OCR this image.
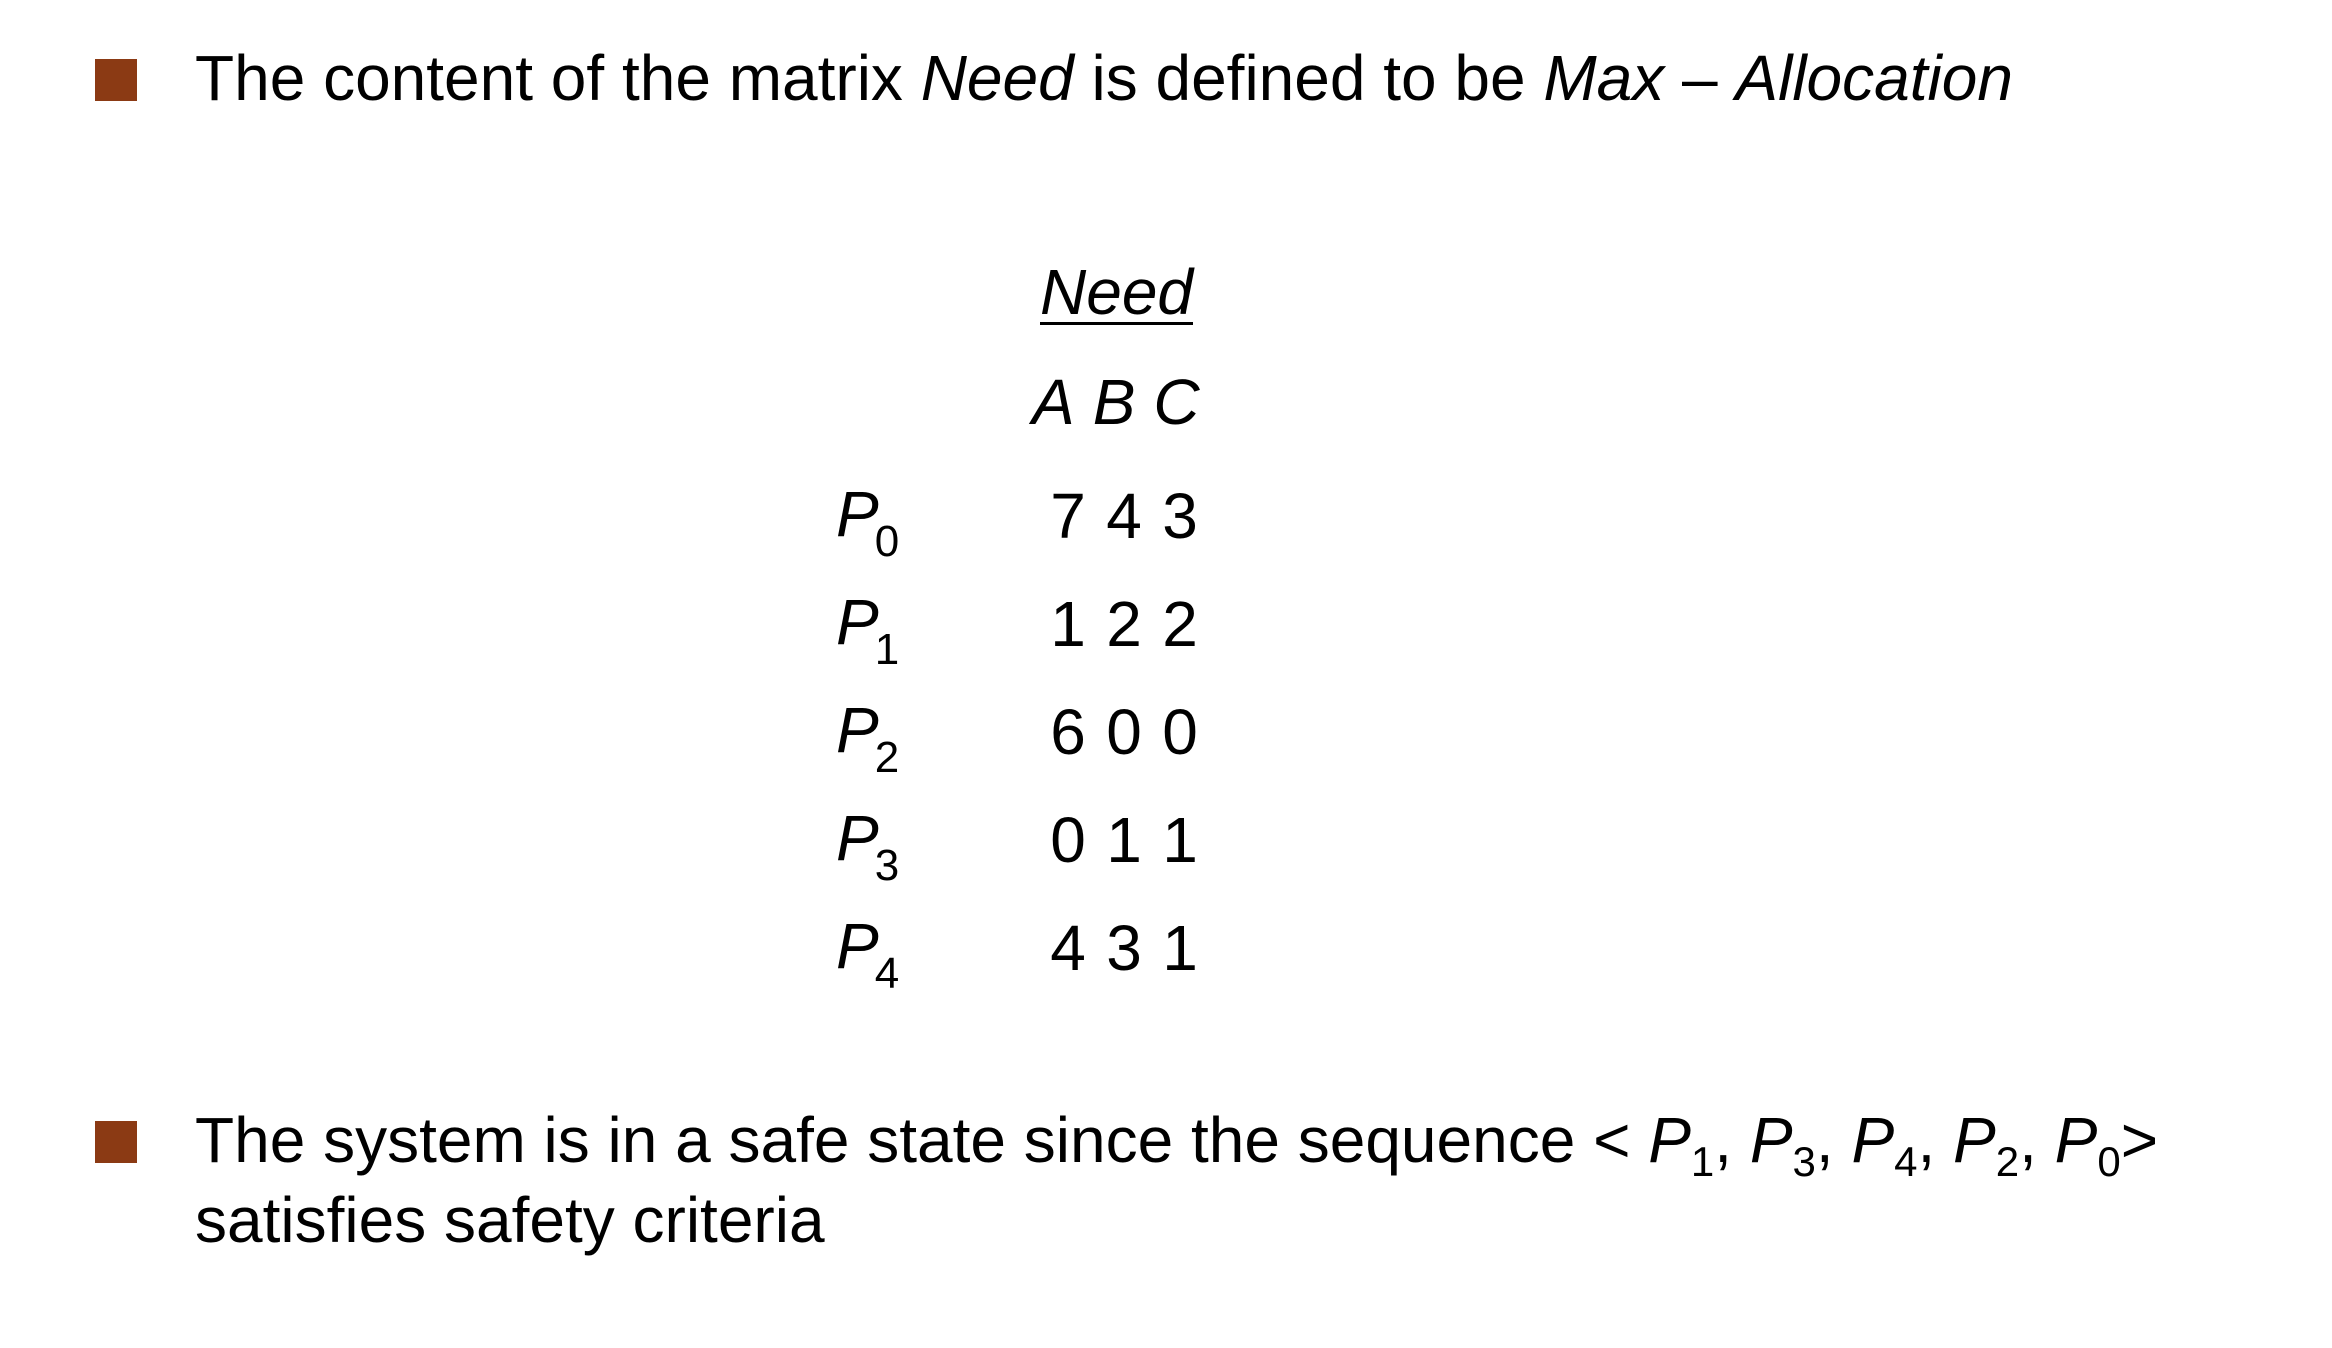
The content of the matrix Need is defined to be Max – Allocation
Need
A B C
$P_0$ 7 4 3
$P_1$ 1 2 2
$P_2$ 6 0 0
$P_3$ 0 1 1
$P_4$ 4 3 1
The system is in a safe state since the sequence < $P_1$, $P_3$, $P_4$, $P_2$, $P_0>$
satisfies safety criteria
